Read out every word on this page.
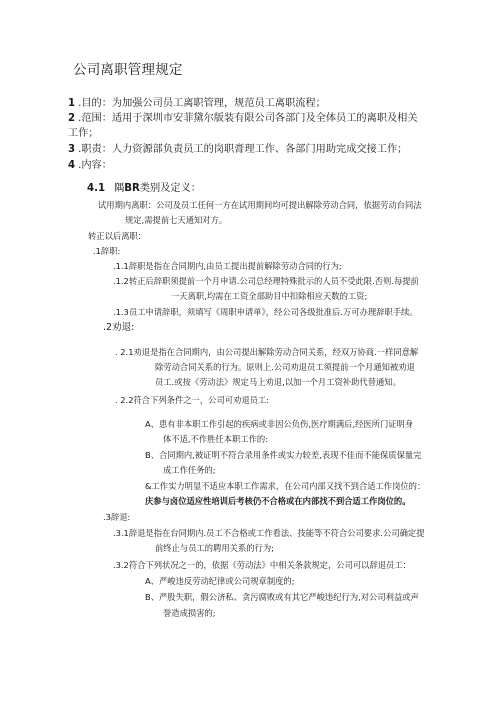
公司离职管理规定
1 .目的：为加强公司员工离职管理，规范员工离职流程；
2 .范围：适用于深圳市安菲黛尔版装有限公司各部门及全体员工的离职及相关工作；
3 .职责：人力资源部负责员工的岗职膏理工作、各部门用助完成交接工作；
4 .内容：
4.1 隅BR类别及定义：
试用期内离职：公司及员工任何一方在试用期间均可提出解除劳动合同，依据劳动台同法
规定,需提前七天通知对方。
转正以后离职：
.1辞职:
.1.1辞职是指在合同期内,由员工提出提前解除劳动合同的行为;
.1.2转正后辞职须提前一个月申请.公司总经理特殊批示的人员不受此限.否则.每提前
一天离职,均需在工资全部助目中扣除相应天数的工资;
.1.3员工申请辞职，须填写《周职申请单》，经公司各级批准后.万可办理辞职手续。
.2劝退:
. 2.1劝退是指在合同期内，由公司提出解除劳动合同关系，经双万协商.一样同意解
除劳动合同关系的行为。原则上.公司劝退员工须提前一个月通知被劝退
员工.或按《劳动法》规定马上劝退,以加一个月工资补助代替通知。
. 2.2符合下列条件之一，公司可劝退员工:
A、患有非本职工作引起的疾病或非因公负伤,医疗期满后,经医所门证明身
体不适,不作胜任本职工作的:
B、合同期内,被证明不符合录用条件或实力较差,表现不佳而不能保质保量完
成工作任务的;
&工作实力明显不适应本职工作需求，在公司内部又找不到合适工作岗位的：
庆参与卤位适应性培训后考核仍不合格或在内部找不到合适工作岗位的。
.3辞退:
.3.1辞退是指在台同期内.员工不合格或工作看法、技能等不符合公司要求.公司确定提
前终止与员工的聘用关系的行为;
.3.2符合下列状况之一的，依据《劳动法》中相关条款规定，公司可以辞退员工：
A、严峻违反劳动纪律或公司规章制度的;
B、严股失职，假公济私、贪污腐败或有其它严峻违纪行为,对公司利益或声
誉造成损害的;
